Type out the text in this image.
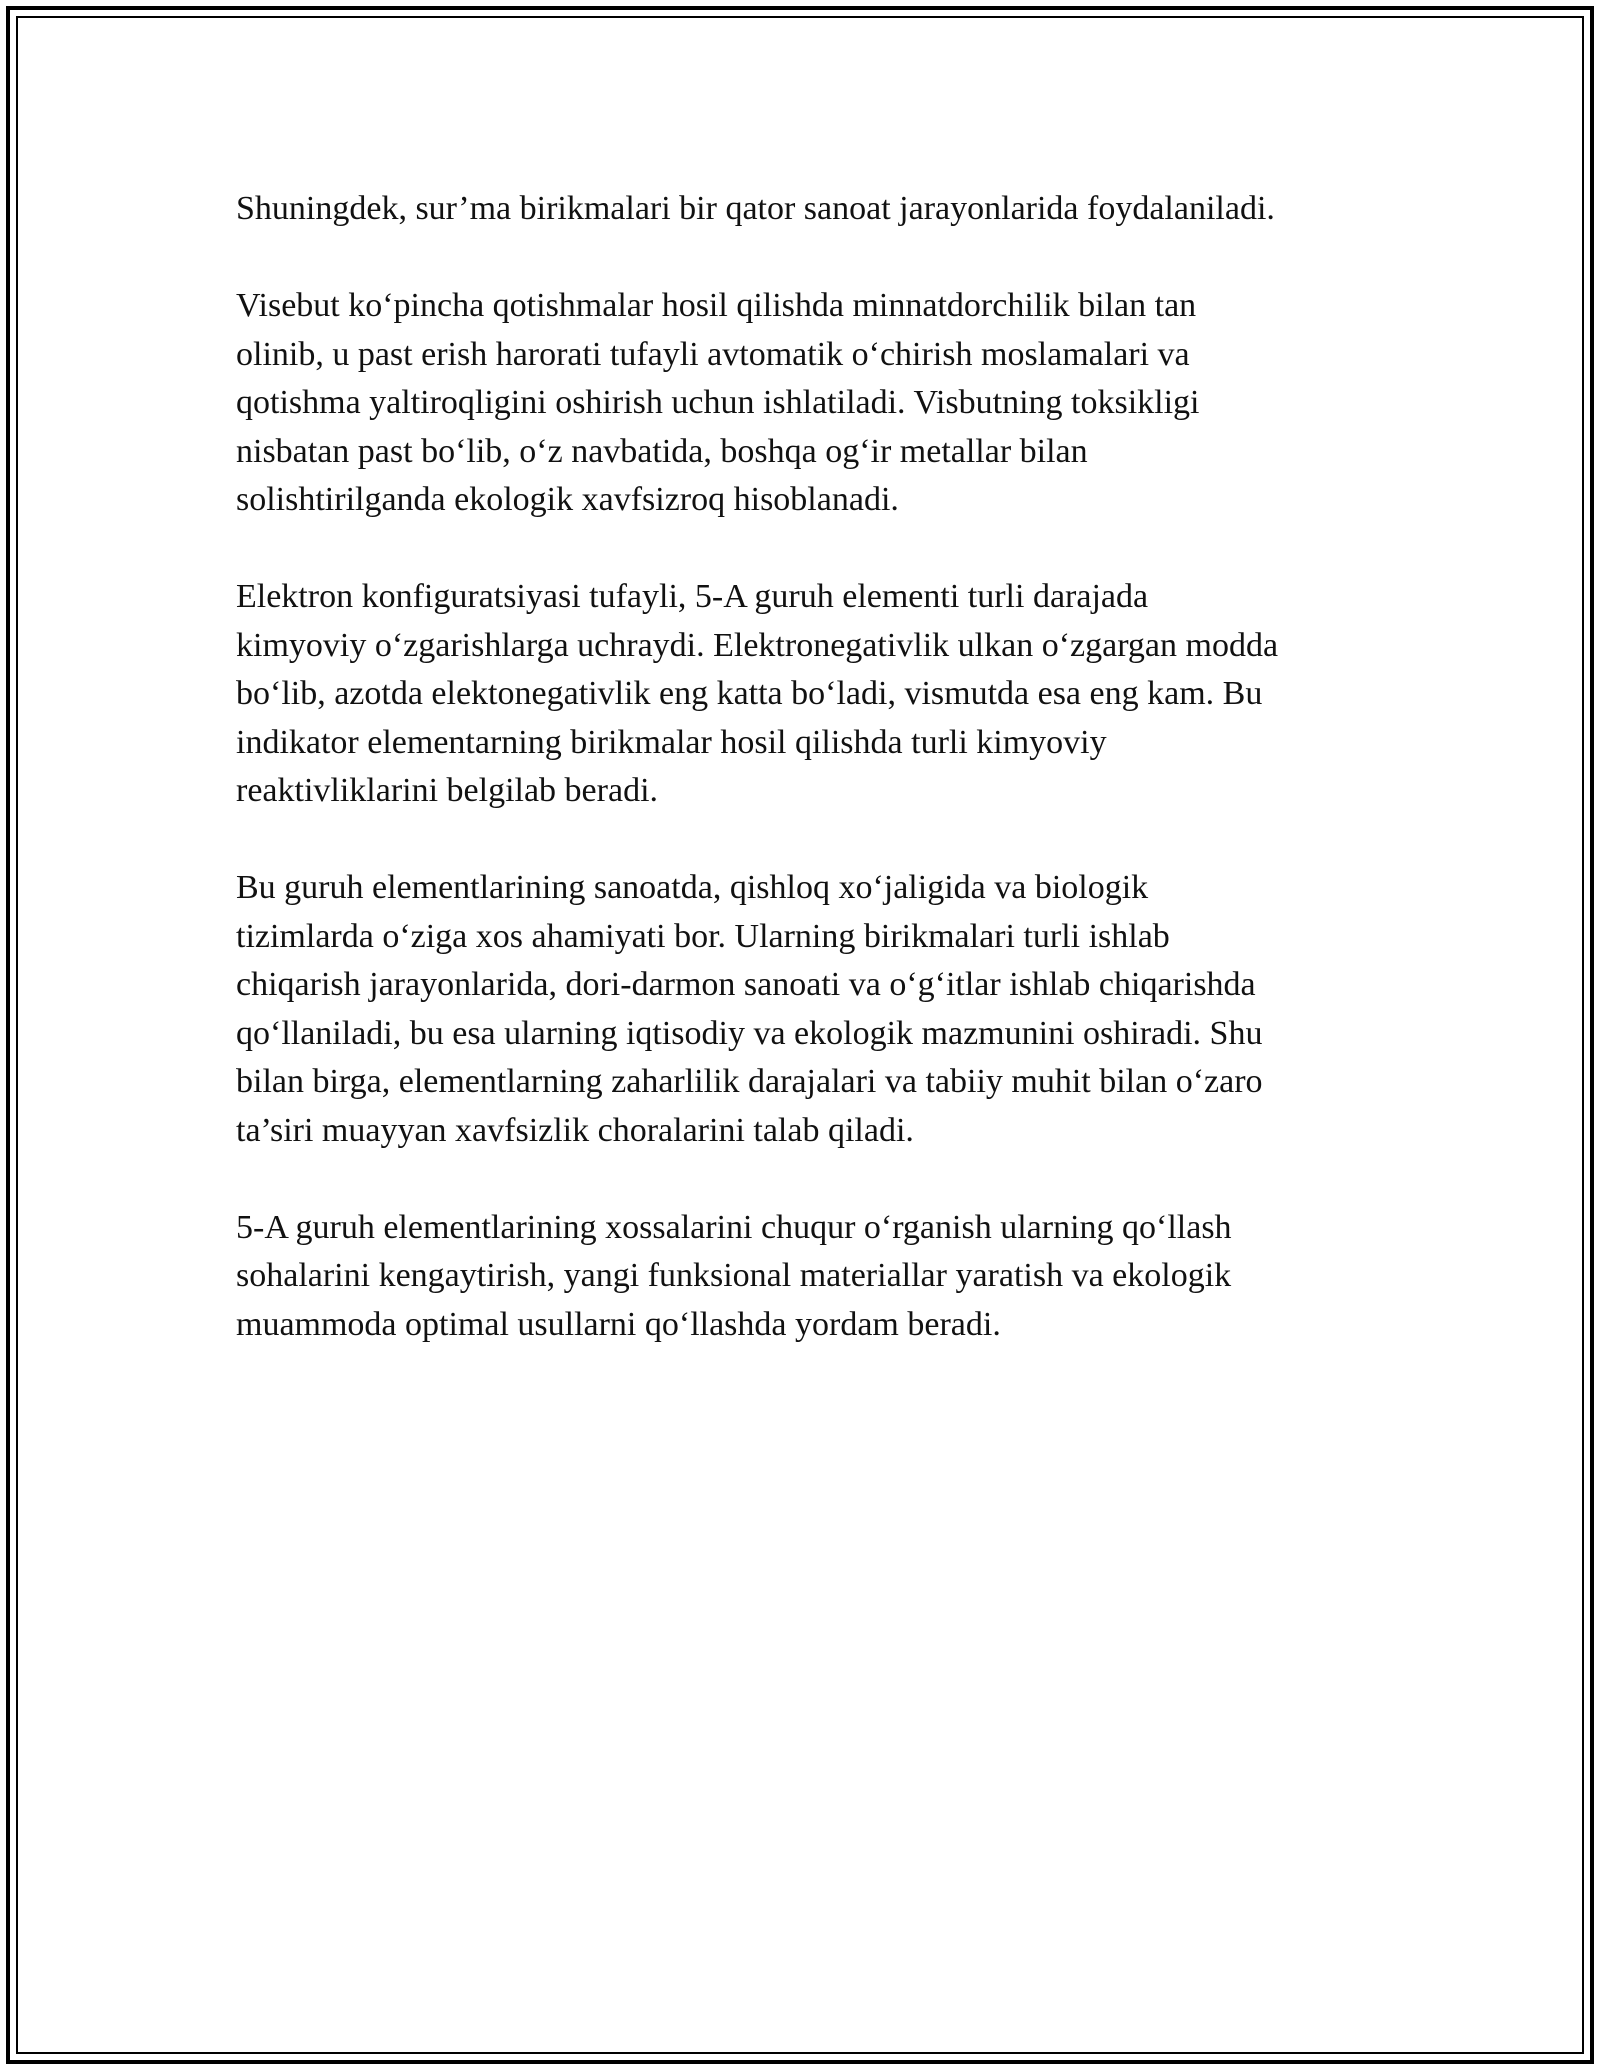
Shuningdek, sur’ma birikmalari bir qator sanoat jarayonlarida foydalaniladi.

Visebut ko‘pincha qotishmalar hosil qilishda minnatdorchilik bilan tan
olinib, u past erish harorati tufayli avtomatik o‘chirish moslamalari va
qotishma yaltiroqligini oshirish uchun ishlatiladi. Visbutning toksikligi
nisbatan past bo‘lib, o‘z navbatida, boshqa og‘ir metallar bilan
solishtirilganda ekologik xavfsizroq hisoblanadi.

Elektron konfiguratsiyasi tufayli, 5-A guruh elementi turli darajada
kimyoviy o‘zgarishlarga uchraydi. Elektronegativlik ulkan o‘zgargan modda
bo‘lib, azotda elektonegativlik eng katta bo‘ladi, vismutda esa eng kam. Bu
indikator elementarning birikmalar hosil qilishda turli kimyoviy
reaktivliklarini belgilab beradi.

Bu guruh elementlarining sanoatda, qishloq xo‘jaligida va biologik
tizimlarda o‘ziga xos ahamiyati bor. Ularning birikmalari turli ishlab
chiqarish jarayonlarida, dori-darmon sanoati va o‘g‘itlar ishlab chiqarishda
qo‘llaniladi, bu esa ularning iqtisodiy va ekologik mazmunini oshiradi. Shu
bilan birga, elementlarning zaharlilik darajalari va tabiiy muhit bilan o‘zaro
ta’siri muayyan xavfsizlik choralarini talab qiladi.

5-A guruh elementlarining xossalarini chuqur o‘rganish ularning qo‘llash
sohalarini kengaytirish, yangi funksional materiallar yaratish va ekologik
muammoda optimal usullarni qo‘llashda yordam beradi.
